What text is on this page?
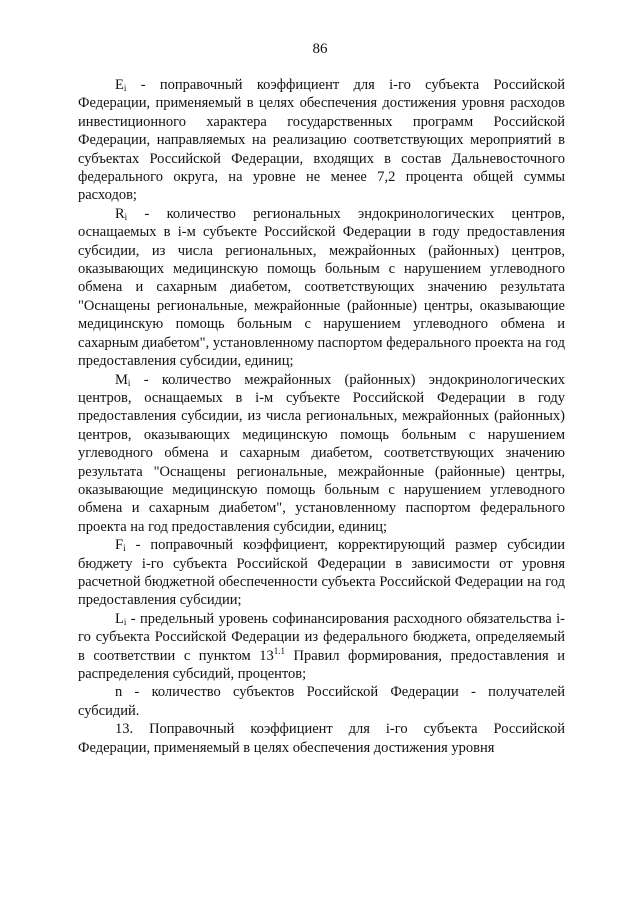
86

$E_i$ - поправочный коэффициент для i-го субъекта Российской Федерации, применяемый в целях обеспечения достижения уровня расходов инвестиционного характера государственных программ Российской Федерации, направляемых на реализацию соответствующих мероприятий в субъектах Российской Федерации, входящих в состав Дальневосточного федерального округа, на уровне не менее 7,2 процента общей суммы расходов;

$R_i$ - количество региональных эндокринологических центров, оснащаемых в i-м субъекте Российской Федерации в году предоставления субсидии, из числа региональных, межрайонных (районных) центров, оказывающих медицинскую помощь больным с нарушением углеводного обмена и сахарным диабетом, соответствующих значению результата "Оснащены региональные, межрайонные (районные) центры, оказывающие медицинскую помощь больным с нарушением углеводного обмена и сахарным диабетом", установленному паспортом федерального проекта на год предоставления субсидии, единиц;

$M_i$ - количество межрайонных (районных) эндокринологических центров, оснащаемых в i-м субъекте Российской Федерации в году предоставления субсидии, из числа региональных, межрайонных (районных) центров, оказывающих медицинскую помощь больным с нарушением углеводного обмена и сахарным диабетом, соответствующих значению результата "Оснащены региональные, межрайонные (районные) центры, оказывающие медицинскую помощь больным с нарушением углеводного обмена и сахарным диабетом", установленному паспортом федерального проекта на год предоставления субсидии, единиц;

$F_i$ - поправочный коэффициент, корректирующий размер субсидии бюджету i-го субъекта Российской Федерации в зависимости от уровня расчетной бюджетной обеспеченности субъекта Российской Федерации на год предоставления субсидии;

$L_i$ - предельный уровень софинансирования расходного обязательства i-го субъекта Российской Федерации из федерального бюджета, определяемый в соответствии с пунктом $13^{1.1}$ Правил формирования, предоставления и распределения субсидий, процентов;

n - количество субъектов Российской Федерации - получателей субсидий.

13. Поправочный коэффициент для i-го субъекта Российской Федерации, применяемый в целях обеспечения достижения уровня
